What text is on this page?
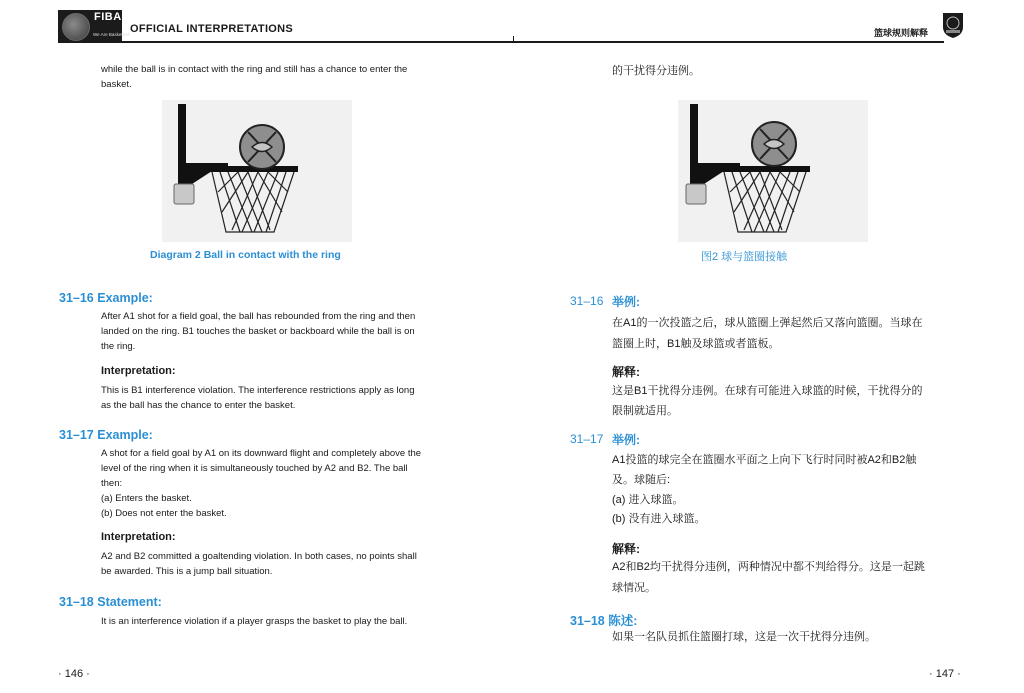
FIBA
We Are Basketball OFFICIAL INTERPRETATIONS	篮球规则解释
while the ball is in contact with the ring and still has a chance to enter the
basket.
Diagram 2 Ball in contact with the ring
31–16 Example:
After A1 shot for a field goal, the ball has rebounded from the ring and then
landed on the ring. B1 touches the basket or backboard while the ball is on
the ring.
Interpretation:
This is B1 interference violation. The interference restrictions apply as long
as the ball has the chance to enter the basket.
31–17 Example:
A shot for a field goal by A1 on its downward flight and completely above the
level of the ring when it is simultaneously touched by A2 and B2. The ball
then:
(a) Enters the basket.
(b) Does not enter the basket.
Interpretation:
A2 and B2 committed a goaltending violation. In both cases, no points shall
be awarded. This is a jump ball situation.
31–18 Statement:
It is an interference violation if a player grasps the basket to play the ball.
· 146 ·
的干扰得分违例。
图2 球与篮圈接触
31–16 举例:
在A1的一次投篮之后，球从篮圈上弹起然后又落向篮圈。当球在
篮圈上时，B1触及球篮或者篮板。
解释:
这是B1干扰得分违例。在球有可能进入球篮的时候，干扰得分的
限制就适用。
31–17 举例:
A1投篮的球完全在篮圈水平面之上向下飞行时同时被A2和B2触
及。球随后:
(a) 进入球篮。
(b) 没有进入球篮。
解释:
A2和B2均干扰得分违例，两种情况中都不判给得分。这是一起跳
球情况。
31–18 陈述:
如果一名队员抓住篮圈打球，这是一次干扰得分违例。
· 147 ·
